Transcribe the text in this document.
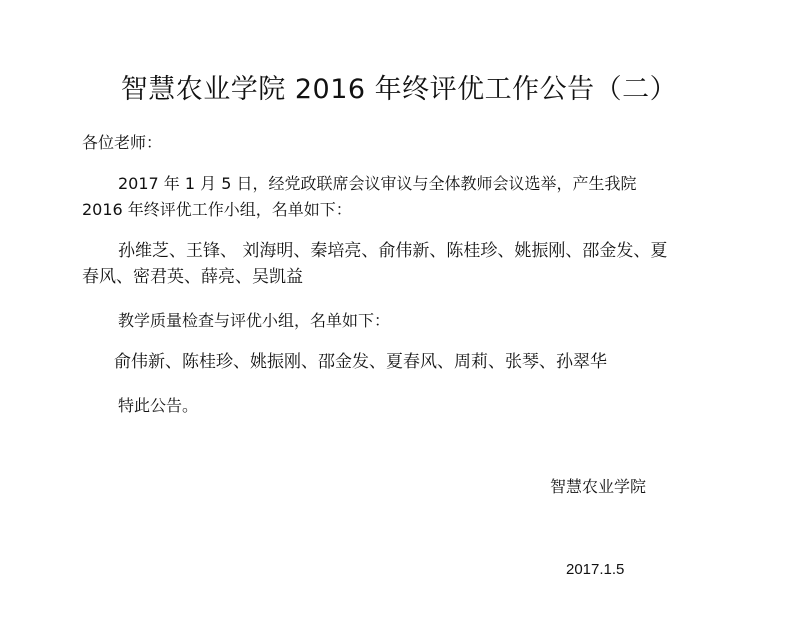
智慧农业学院 2016 年终评优工作公告（二）
各位老师：
2017 年 1 月 5 日，经党政联席会议审议与全体教师会议选举，产生我院
2016 年终评优工作小组，名单如下：
孙维芝、王锋、 刘海明、秦培亮、俞伟新、陈桂珍、姚振刚、邵金发、夏
春风、密君英、薛亮、吴凯益
教学质量检查与评优小组，名单如下：
俞伟新、陈桂珍、姚振刚、邵金发、夏春风、周莉、张琴、孙翠华
特此公告。
智慧农业学院
2017.1.5
